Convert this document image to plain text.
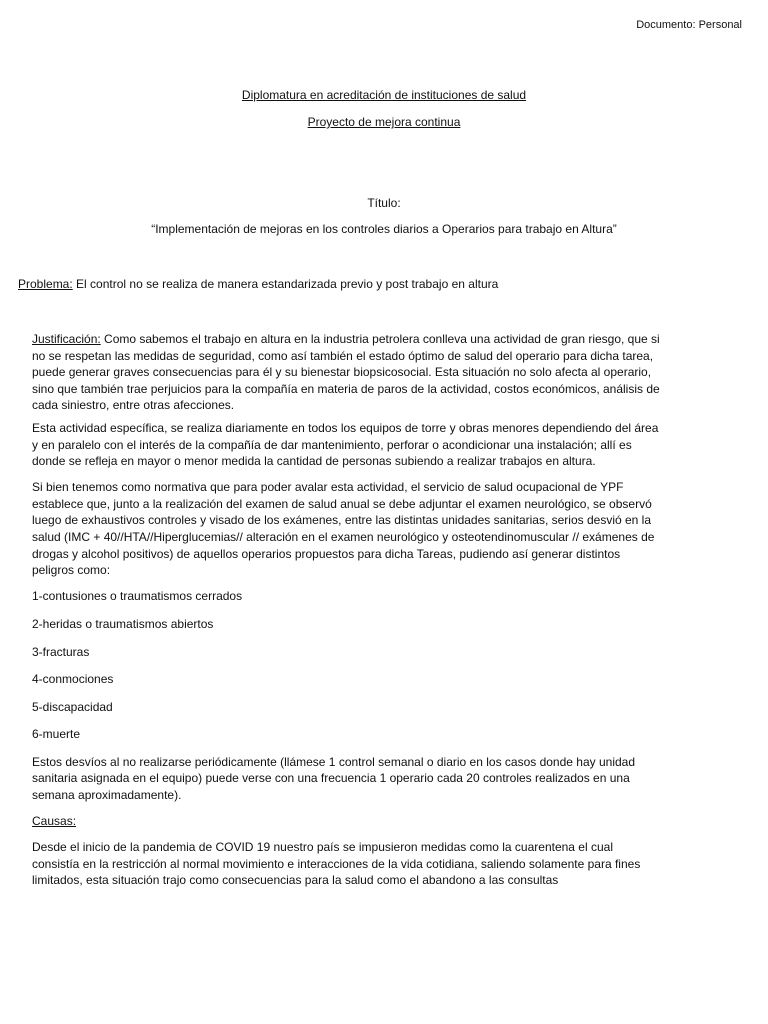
Documento: Personal
Diplomatura en acreditación de instituciones de salud
Proyecto de mejora continua
Título:
“Implementación de mejoras en los controles diarios a Operarios para trabajo en Altura”
Problema: El control no se realiza de manera estandarizada previo y post trabajo en altura

Justificación: Como sabemos el trabajo en altura en la industria petrolera conlleva una actividad de gran riesgo, que si no se respetan las medidas de seguridad, como así también el estado óptimo de salud del operario para dicha tarea, puede generar graves consecuencias para él y su bienestar biopsicosocial. Esta situación no solo afecta al operario, sino que también trae perjuicios para la compañía en materia de paros de la actividad, costos económicos, análisis de cada siniestro, entre otras afecciones.

Esta actividad específica, se realiza diariamente en todos los equipos de torre y obras menores dependiendo del área y en paralelo con el interés de la compañía de dar mantenimiento, perforar o acondicionar una instalación; allí es donde se refleja en mayor o menor medida la cantidad de personas subiendo a realizar trabajos en altura.

Si bien tenemos como normativa que para poder avalar esta actividad, el servicio de salud ocupacional de YPF establece que, junto a la realización del examen de salud anual se debe adjuntar el examen neurológico, se observó luego de exhaustivos controles y visado de los exámenes, entre las distintas unidades sanitarias, serios desvió en la salud (IMC + 40//HTA//Hiperglucemias// alteración en el examen neurológico y osteotendinomuscular // exámenes de drogas y alcohol positivos) de aquellos operarios propuestos para dicha Tareas, pudiendo así generar distintos peligros como:

1-contusiones o traumatismos cerrados

2-heridas o traumatismos abiertos

3-fracturas

4-conmociones

5-discapacidad

6-muerte

Estos desvíos al no realizarse periódicamente (llámese 1 control semanal o diario en los casos donde hay unidad sanitaria asignada en el equipo) puede verse con una frecuencia 1 operario cada 20 controles realizados en una semana aproximadamente).

Causas:

Desde el inicio de la pandemia de COVID 19 nuestro país se impusieron medidas como la cuarentena el cual consistía en la restricción al normal movimiento e interacciones de la vida cotidiana, saliendo solamente para fines limitados, esta situación trajo como consecuencias para la salud como el abandono a las consultas
